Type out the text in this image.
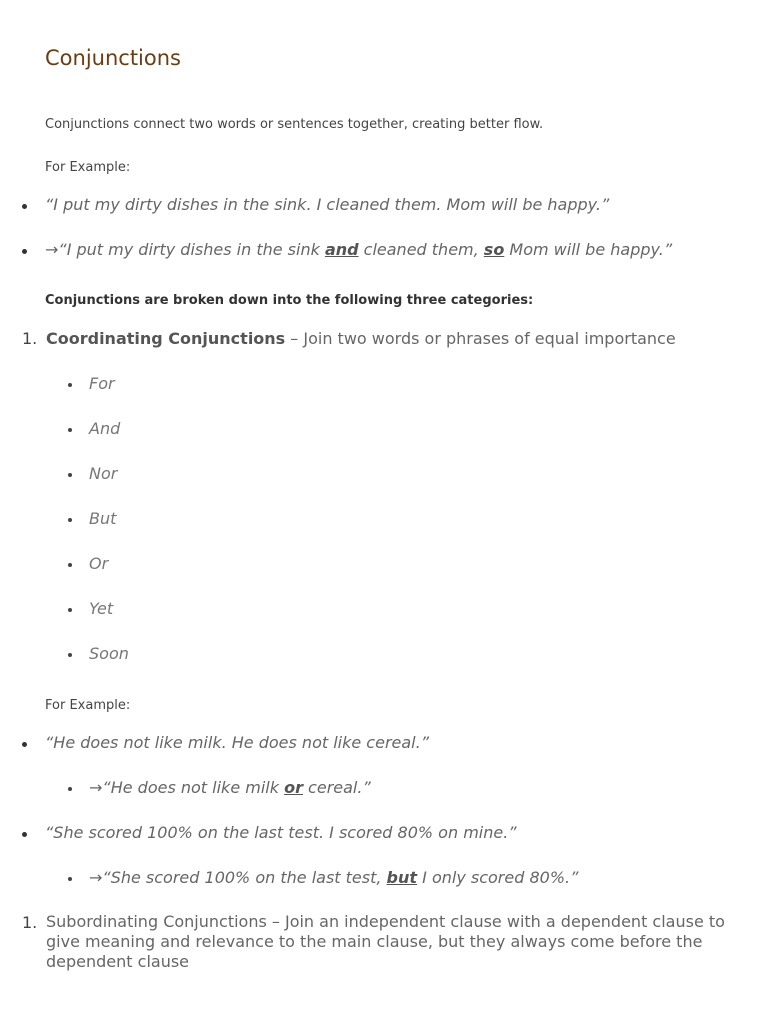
Conjunctions
Conjunctions connect two words or sentences together, creating better flow.
For Example:
“I put my dirty dishes in the sink. I cleaned them. Mom will be happy.”
→“I put my dirty dishes in the sink and cleaned them, so Mom will be happy.”
Conjunctions are broken down into the following three categories:
1. Coordinating Conjunctions – Join two words or phrases of equal importance
For
And
Nor
But
Or
Yet
Soon
For Example:
“He does not like milk. He does not like cereal.”
→“He does not like milk or cereal.”
“She scored 100% on the last test. I scored 80% on mine.”
→“She scored 100% on the last test, but I only scored 80%.”
1. Subordinating Conjunctions – Join an independent clause with a dependent clause to give meaning and relevance to the main clause, but they always come before the dependent clause
